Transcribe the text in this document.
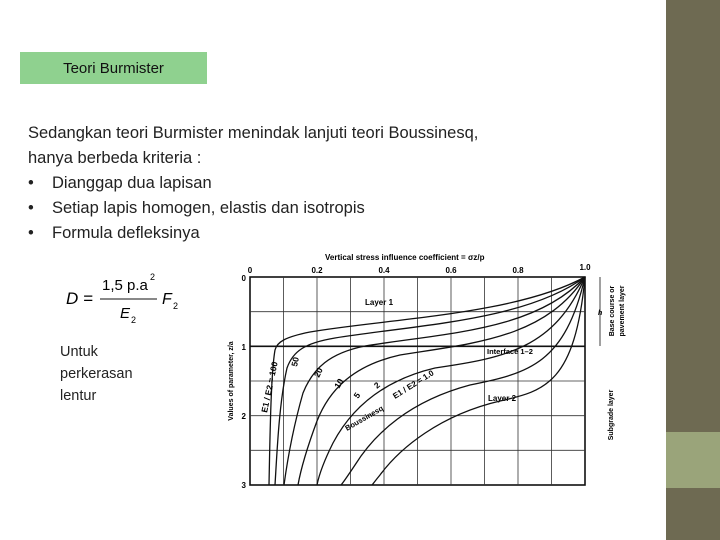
Teori Burmister

Sedangkan teori Burmister menindak lanjuti teori Boussinesq,

hanya berbeda kriteria :

•	Dianggap dua lapisan
•	Setiap lapis homogen, elastis dan isotropis
•	Formula defleksinya
D =
1,5 p.a 2
E 2
F 2
Untuk
perkerasan
lentur
Vertical stress influence coefficient = σz/p
0	0.2	0.4	0.6	0.8	1.0
0
1
2
3
Values of parameter, z/a
Layer 1
Interface 1–2
Layer 2
h Base course or pavement layer
Subgrade layer
E1 / E2 = 100 50
20
10
5
2 E1 / E2 = 1.0
Boussinesq
